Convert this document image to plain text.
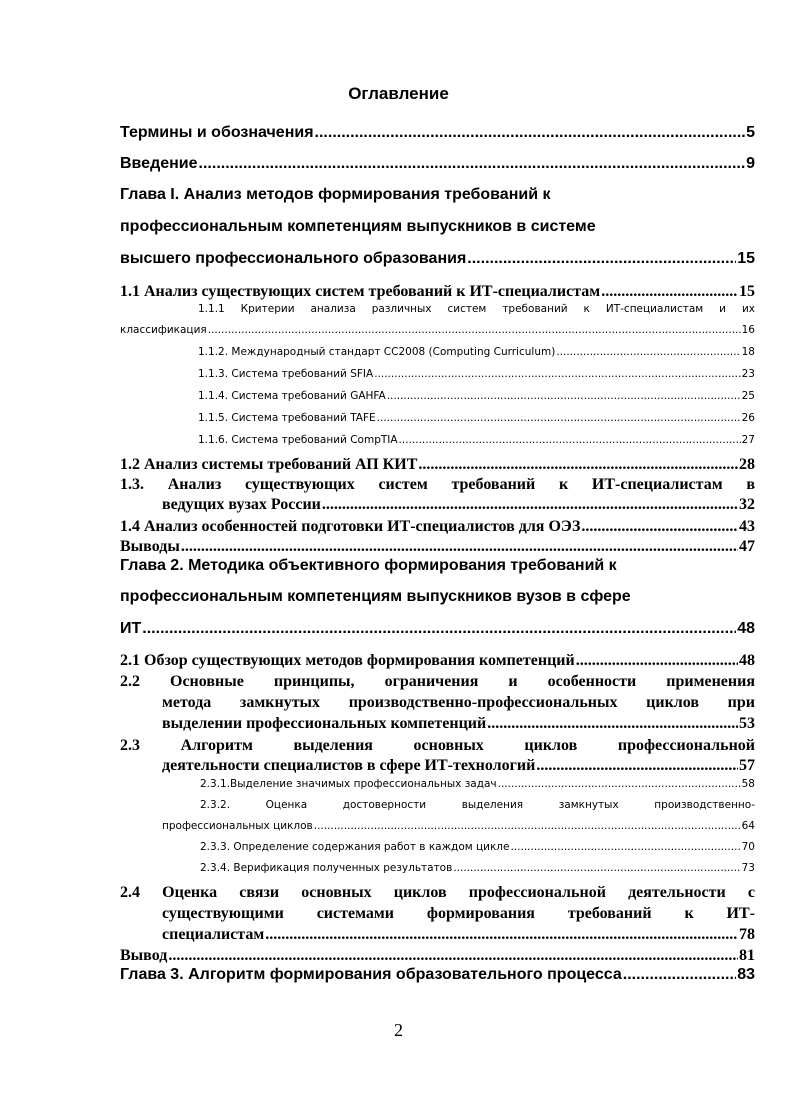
Оглавление
Термины и обозначения .....	5
Введение .....	9
Глава I. Анализ методов формирования требований к
профессиональным компетенциям выпускников в системе
высшего профессионального образования .....	15
1.1 Анализ существующих систем требований к ИТ-специалистам .....	15
1.1.1 Критерии анализа различных систем требований к ИТ-специалистам и их
классификация .....	16
1.1.2. Международный стандарт CC2008 (Computing Curriculum) .....	18
1.1.3. Система требований SFIA .....	23
1.1.4. Система требований GAHFA .....	25
1.1.5. Система требований TAFE .....	26
1.1.6. Система требований CompTIA .....	27
1.2 Анализ системы требований АП КИТ .....	28
1.3. Анализ существующих систем требований к ИТ-специалистам в
ведущих вузах России .....	32
1.4 Анализ особенностей подготовки ИТ-специалистов для ОЭЗ .....	43
Выводы .....	47
Глава 2. Методика объективного формирования требований к
профессиональным компетенциям выпускников вузов в сфере
ИТ .....	48
2.1 Обзор существующих методов формирования компетенций .....	48
2.2 Основные принципы, ограничения и особенности применения
метода замкнутых производственно-профессиональных циклов при
выделении профессиональных компетенций .....	53
2.3 Алгоритм выделения основных циклов профессиональной
деятельности специалистов в сфере ИТ-технологий .....	57
2.3.1.Выделение значимых профессиональных задач .....	58
2.3.2. Оценка достоверности выделения замкнутых производственно-
профессиональных циклов .....	64
2.3.3. Определение содержания работ в каждом цикле .....	70
2.3.4. Верификация полученных результатов .....	73
2.4 Оценка связи основных циклов профессиональной деятельности с
существующими системами формирования требований к ИТ-
специалистам .....	78
Вывод .....	81
Глава 3. Алгоритм формирования образовательного процесса .....	83
2
